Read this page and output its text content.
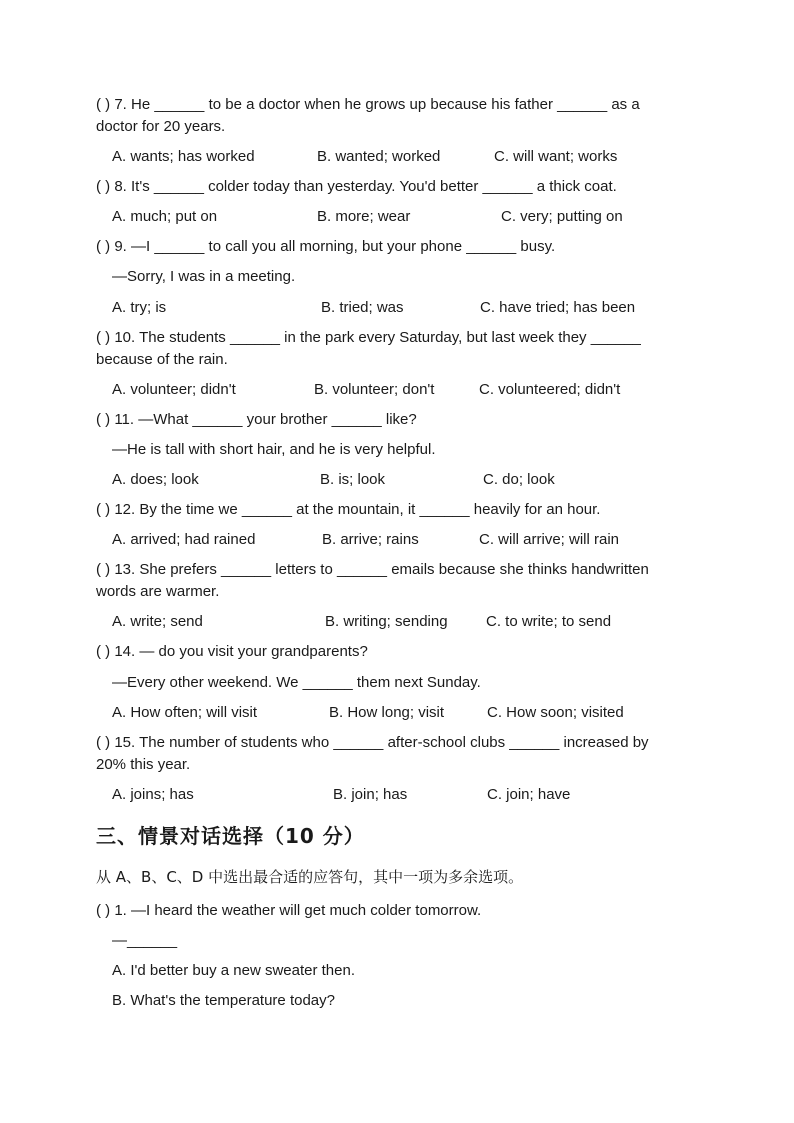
( ) 7. He ______ to be a doctor when he grows up because his father ______ as a
doctor for 20 years.
A. wants; has worked	B. wanted; worked	C. will want; works
( ) 8. It's ______ colder today than yesterday. You'd better ______ a thick coat.
A. much; put on	B. more; wear	C. very; putting on
( ) 9. —I ______ to call you all morning, but your phone ______ busy.
—Sorry, I was in a meeting.
A. try; is	B. tried; was	C. have tried; has been
( ) 10. The students ______ in the park every Saturday, but last week they ______
because of the rain.
A. volunteer; didn't	B. volunteer; don't	C. volunteered; didn't
( ) 11. —What ______ your brother ______ like?
—He is tall with short hair, and he is very helpful.
A. does; look	B. is; look	C. do; look
( ) 12. By the time we ______ at the mountain, it ______ heavily for an hour.
A. arrived; had rained	B. arrive; rains	C. will arrive; will rain
( ) 13. She prefers ______ letters to ______ emails because she thinks handwritten
words are warmer.
A. write; send	B. writing; sending	C. to write; to send
( ) 14. — do you visit your grandparents?
—Every other weekend. We ______ them next Sunday.
A. How often; will visit	B. How long; visit	C. How soon; visited
( ) 15. The number of students who ______ after-school clubs ______ increased by
20% this year.
A. joins; has	B. join; has	C. join; have
三、情景对话选择（10 分）
从 A、B、C、D 中选出最合适的应答句，其中一项为多余选项。
( ) 1. —I heard the weather will get much colder tomorrow.
—______
A. I'd better buy a new sweater then.
B. What's the temperature today?
